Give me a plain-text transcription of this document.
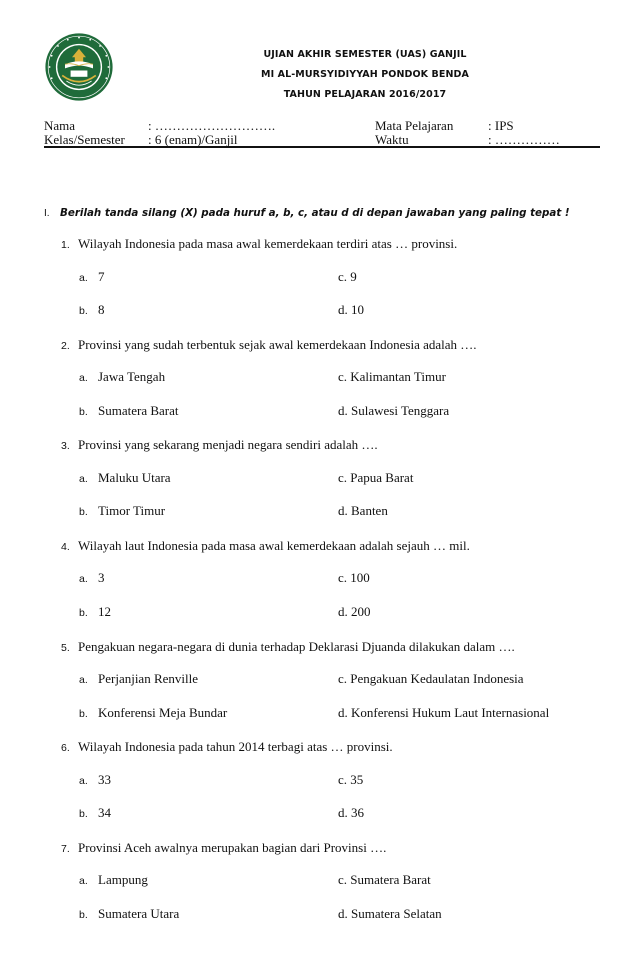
UJIAN AKHIR SEMESTER (UAS) GANJIL
MI AL-MURSYIDIYYAH PONDOK BENDA
TAHUN PELAJARAN 2016/2017
Nama	: ……………………….	Mata Pelajaran	: IPS
Kelas/Semester : 6 (enam)/Ganjil	Waktu	: ……………
I. Berilah tanda silang (X) pada huruf a, b, c, atau d di depan jawaban yang paling tepat !
1. Wilayah Indonesia pada masa awal kemerdekaan terdiri atas … provinsi.
a. 7	c. 9
b. 8	d. 10
2. Provinsi yang sudah terbentuk sejak awal kemerdekaan Indonesia adalah ….
a. Jawa Tengah	c. Kalimantan Timur
b. Sumatera Barat	d. Sulawesi Tenggara
3. Provinsi yang sekarang menjadi negara sendiri adalah ….
a. Maluku Utara	c. Papua Barat
b. Timor Timur	d. Banten
4. Wilayah laut Indonesia pada masa awal kemerdekaan adalah sejauh … mil.
a. 3	c. 100
b. 12	d. 200
5. Pengakuan negara-negara di dunia terhadap Deklarasi Djuanda dilakukan dalam ….
a. Perjanjian Renville	c. Pengakuan Kedaulatan Indonesia
b. Konferensi Meja Bundar	d. Konferensi Hukum Laut Internasional
6. Wilayah Indonesia pada tahun 2014 terbagi atas … provinsi.
a. 33	c. 35
b. 34	d. 36
7. Provinsi Aceh awalnya merupakan bagian dari Provinsi ….
a. Lampung	c. Sumatera Barat
b. Sumatera Utara	d. Sumatera Selatan
